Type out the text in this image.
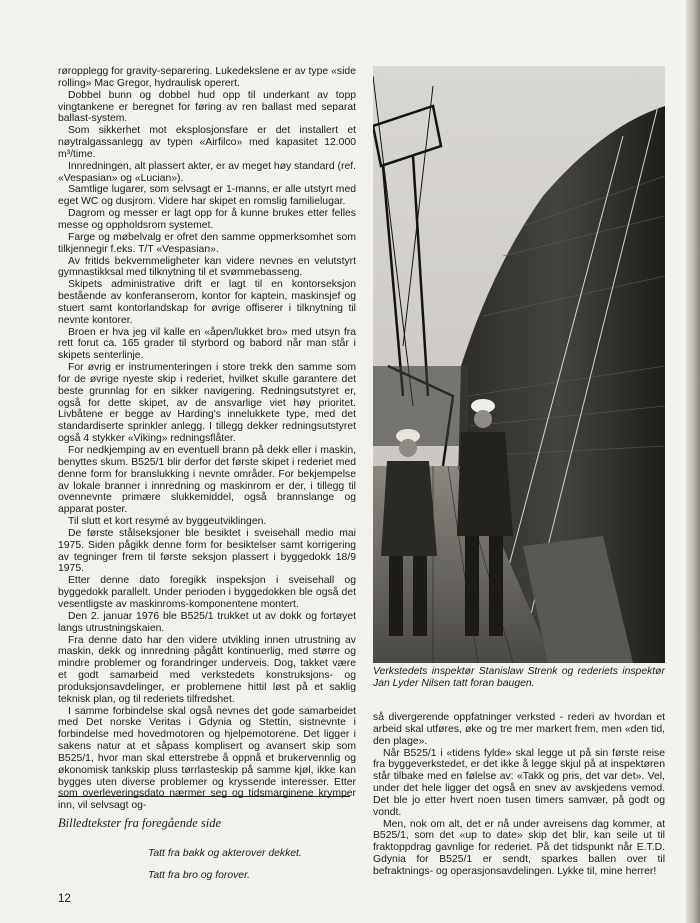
røropplegg for gravity-separering. Lukedekslene er av type «side rolling» Mac Gregor, hydraulisk operert.

Dobbel bunn og dobbel hud opp til underkant av topp vingtankene er beregnet for føring av ren ballast med separat ballast-system.

Som sikkerhet mot eksplosjonsfare er det installert et nøytralgassanlegg av typen «Airfilco» med kapasitet 12.000 m³/time.

Innredningen, alt plassert akter, er av meget høy standard (ref. «Vespasian» og «Lucian»).

Samtlige lugarer, som selvsagt er 1-manns, er alle utstyrt med eget WC og dusjrom. Videre har skipet en romslig familielugar.

Dagrom og messer er lagt opp for å kunne brukes etter felles messe og oppholdsrom systemet.

Farge og møbelvalg er ofret den samme oppmerksomhet som tilkjennegir f.eks. T/T «Vespasian».

Av fritids bekvemmeligheter kan videre nevnes en velutstyrt gymnastikksal med tilknytning til et svømmebasseng.

Skipets administrative drift er lagt til en kontorseksjon bestående av konferanserom, kontor for kaptein, maskinsjef og stuert samt kontorlandskap for øvrige offiserer i tilknytning til nevnte kontorer.

Broen er hva jeg vil kalle en «åpen/lukket bro» med utsyn fra rett forut ca. 165 grader til styrbord og babord når man står i skipets senterlinje.

For øvrig er instrumenteringen i store trekk den samme som for de øvrige nyeste skip i rederiet, hvilket skulle garantere det beste grunnlag for en sikker navigering. Redningsutstyret er, også for dette skipet, av de ansvarlige viet høy prioritet. Livbåtene er begge av Harding's innelukkete type, med det standardiserte sprinkler anlegg. I tillegg dekker redningsutstyret også 4 stykker «Viking» redningsflåter.

For nedkjemping av en eventuell brann på dekk eller i maskin, benyttes skum. B525/1 blir derfor det første skipet i rederiet med denne form for branslukking i nevnte områder. For bekjempelse av lokale branner i innredning og maskinrom er der, i tillegg til ovennevnte primære slukkemiddel, også brannslange og apparat poster.

Til slutt et kort resymé av byggeutviklingen.

De første stålseksjoner ble besiktet i sveisehall medio mai 1975. Siden pågikk denne form for besiktelser samt korrigering av tegninger frem til første seksjon plassert i byggedokk 18/9 1975.

Etter denne dato foregikk inspeksjon i sveisehall og byggedokk parallelt. Under perioden i byggedokken ble også det vesentligste av maskinroms-komponentene montert.

Den 2. januar 1976 ble B525/1 trukket ut av dokk og fortøyet langs utrustningskaien.

Fra denne dato har den videre utvikling innen utrustning av maskin, dekk og innredning pågått kontinuerlig, med større og mindre problemer og forandringer underveis. Dog, takket være et godt samarbeid med verkstedets konstruksjons- og produksjonsavdelinger, er problemene hittil løst på et saklig teknisk plan, og til rederiets tilfredshet.

I samme forbindelse skal også nevnes det gode samarbeidet med Det norske Veritas i Gdynia og Stettin, sistnevnte i forbindelse med hovedmotoren og hjelpemotorene. Det ligger i sakens natur at et såpass komplisert og avansert skip som B525/1, hvor man skal etterstrebe å oppnå et brukervennlig og økonomisk tankskip pluss tørrlasteskip på samme kjøl, ikke kan bygges uten diverse problemer og kryssende interesser. Etter som overleveringsdato nærmer seg og tidsmarginene krymper inn, vil selvsagt og-

Verkstedets inspektør Stanislaw Strenk og rederiets inspektør Jan Lyder Nilsen tatt foran baugen.

så divergerende oppfatninger verksted - rederi av hvordan et arbeid skal utføres, øke og tre mer markert frem, men «den tid, den plage».

Når B525/1 i «tidens fylde» skal legge ut på sin første reise fra byggeverkstedet, er det ikke å legge skjul på at inspektøren står tilbake med en følelse av: «Takk og pris, det var det». Vel, under det hele ligger det også en snev av avskjedens vemod. Det ble jo etter hvert noen tusen timers samvær, på godt og vondt.

Men, nok om alt, det er nå under avreisens dag kommer, at B525/1, som det «up to date» skip det blir, kan seile ut til fraktoppdrag gavnlige for rederiet. På det tidspunkt når E.T.D. Gdynia for B525/1 er sendt, sparkes ballen over til befraktnings- og operasjonsavdelingen. Lykke til, mine herrer!

Billedtekster fra foregående side
Tatt fra bakk og akterover dekket.
Tatt fra bro og forover.
12
